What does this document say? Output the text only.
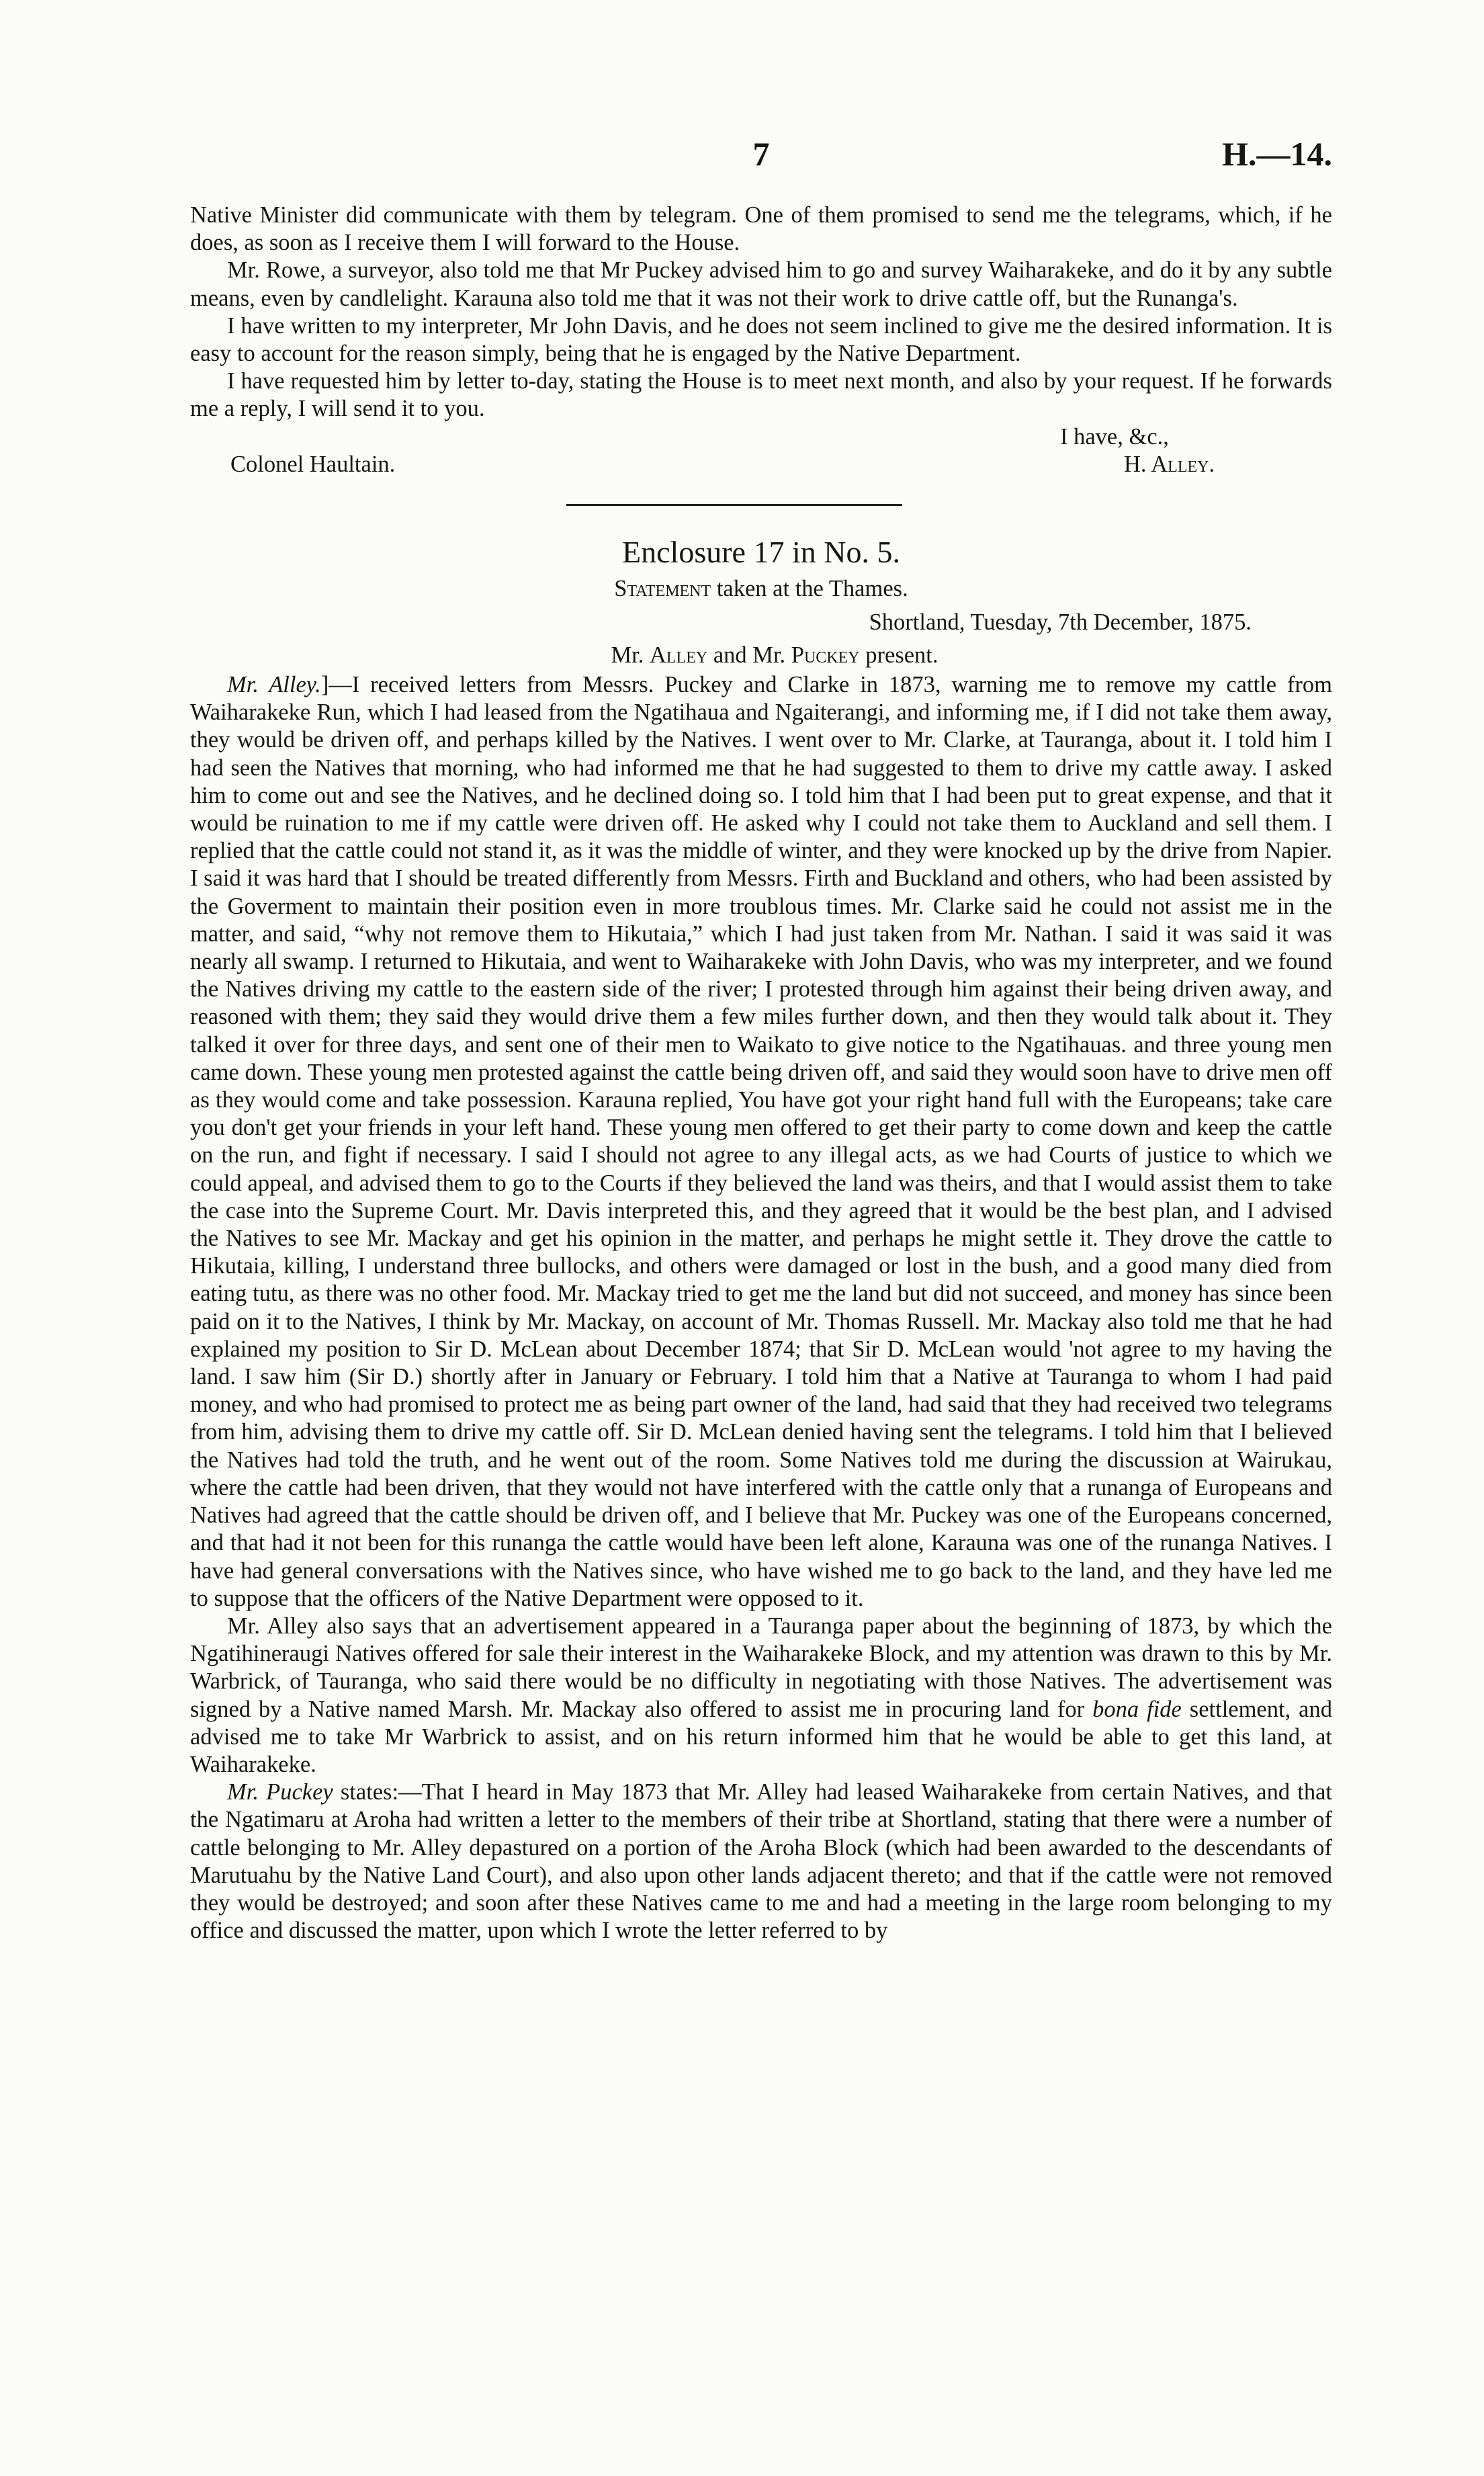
7	H.—14.

Native Minister did communicate with them by telegram. One of them promised to send me the telegrams, which, if he does, as soon as I receive them I will forward to the House.

Mr. Rowe, a surveyor, also told me that Mr Puckey advised him to go and survey Waiharakeke, and do it by any subtle means, even by candlelight. Karauna also told me that it was not their work to drive cattle off, but the Runanga's.

I have written to my interpreter, Mr John Davis, and he does not seem inclined to give me the desired information. It is easy to account for the reason simply, being that he is engaged by the Native Department.

I have requested him by letter to-day, stating the House is to meet next month, and also by your request. If he forwards me a reply, I will send it to you.

I have, &c.,
Colonel Haultain.	H. Alley.
Enclosure 17 in No. 5.
Statement taken at the Thames.
Shortland, Tuesday, 7th December, 1875.
Mr. Alley and Mr. Puckey present.

Mr. Alley.]—I received letters from Messrs. Puckey and Clarke in 1873, warning me to remove my cattle from Waiharakeke Run, which I had leased from the Ngatihaua and Ngaiterangi, and informing me, if I did not take them away, they would be driven off, and perhaps killed by the Natives. I went over to Mr. Clarke, at Tauranga, about it. I told him I had seen the Natives that morning, who had informed me that he had suggested to them to drive my cattle away. I asked him to come out and see the Natives, and he declined doing so. I told him that I had been put to great expense, and that it would be ruination to me if my cattle were driven off. He asked why I could not take them to Auckland and sell them. I replied that the cattle could not stand it, as it was the middle of winter, and they were knocked up by the drive from Napier. I said it was hard that I should be treated differently from Messrs. Firth and Buckland and others, who had been assisted by the Goverment to maintain their position even in more troublous times. Mr. Clarke said he could not assist me in the matter, and said, “why not remove them to Hikutaia,” which I had just taken from Mr. Nathan. I said it was said it was nearly all swamp. I returned to Hikutaia, and went to Waiharakeke with John Davis, who was my interpreter, and we found the Natives driving my cattle to the eastern side of the river; I protested through him against their being driven away, and reasoned with them; they said they would drive them a few miles further down, and then they would talk about it. They talked it over for three days, and sent one of their men to Waikato to give notice to the Ngatihauas. and three young men came down. These young men protested against the cattle being driven off, and said they would soon have to drive men off as they would come and take possession. Karauna replied, You have got your right hand full with the Europeans; take care you don't get your friends in your left hand. These young men offered to get their party to come down and keep the cattle on the run, and fight if necessary. I said I should not agree to any illegal acts, as we had Courts of justice to which we could appeal, and advised them to go to the Courts if they believed the land was theirs, and that I would assist them to take the case into the Supreme Court. Mr. Davis interpreted this, and they agreed that it would be the best plan, and I advised the Natives to see Mr. Mackay and get his opinion in the matter, and perhaps he might settle it. They drove the cattle to Hikutaia, killing, I understand three bullocks, and others were damaged or lost in the bush, and a good many died from eating tutu, as there was no other food. Mr. Mackay tried to get me the land but did not succeed, and money has since been paid on it to the Natives, I think by Mr. Mackay, on account of Mr. Thomas Russell. Mr. Mackay also told me that he had explained my position to Sir D. McLean about December 1874; that Sir D. McLean would 'not agree to my having the land. I saw him (Sir D.) shortly after in January or February. I told him that a Native at Tauranga to whom I had paid money, and who had promised to protect me as being part owner of the land, had said that they had received two telegrams from him, advising them to drive my cattle off. Sir D. McLean denied having sent the telegrams. I told him that I believed the Natives had told the truth, and he went out of the room. Some Natives told me during the discussion at Wairukau, where the cattle had been driven, that they would not have interfered with the cattle only that a runanga of Europeans and Natives had agreed that the cattle should be driven off, and I believe that Mr. Puckey was one of the Europeans concerned, and that had it not been for this runanga the cattle would have been left alone, Karauna was one of the runanga Natives. I have had general conversations with the Natives since, who have wished me to go back to the land, and they have led me to suppose that the officers of the Native Department were opposed to it.

Mr. Alley also says that an advertisement appeared in a Tauranga paper about the beginning of 1873, by which the Ngatihineraugi Natives offered for sale their interest in the Waiharakeke Block, and my attention was drawn to this by Mr. Warbrick, of Tauranga, who said there would be no difficulty in negotiating with those Natives. The advertisement was signed by a Native named Marsh. Mr. Mackay also offered to assist me in procuring land for bona fide settlement, and advised me to take Mr Warbrick to assist, and on his return informed him that he would be able to get this land, at Waiharakeke.

Mr. Puckey states:—That I heard in May 1873 that Mr. Alley had leased Waiharakeke from certain Natives, and that the Ngatimaru at Aroha had written a letter to the members of their tribe at Shortland, stating that there were a number of cattle belonging to Mr. Alley depastured on a portion of the Aroha Block (which had been awarded to the descendants of Marutuahu by the Native Land Court), and also upon other lands adjacent thereto; and that if the cattle were not removed they would be destroyed; and soon after these Natives came to me and had a meeting in the large room belonging to my office and discussed the matter, upon which I wrote the letter referred to by
